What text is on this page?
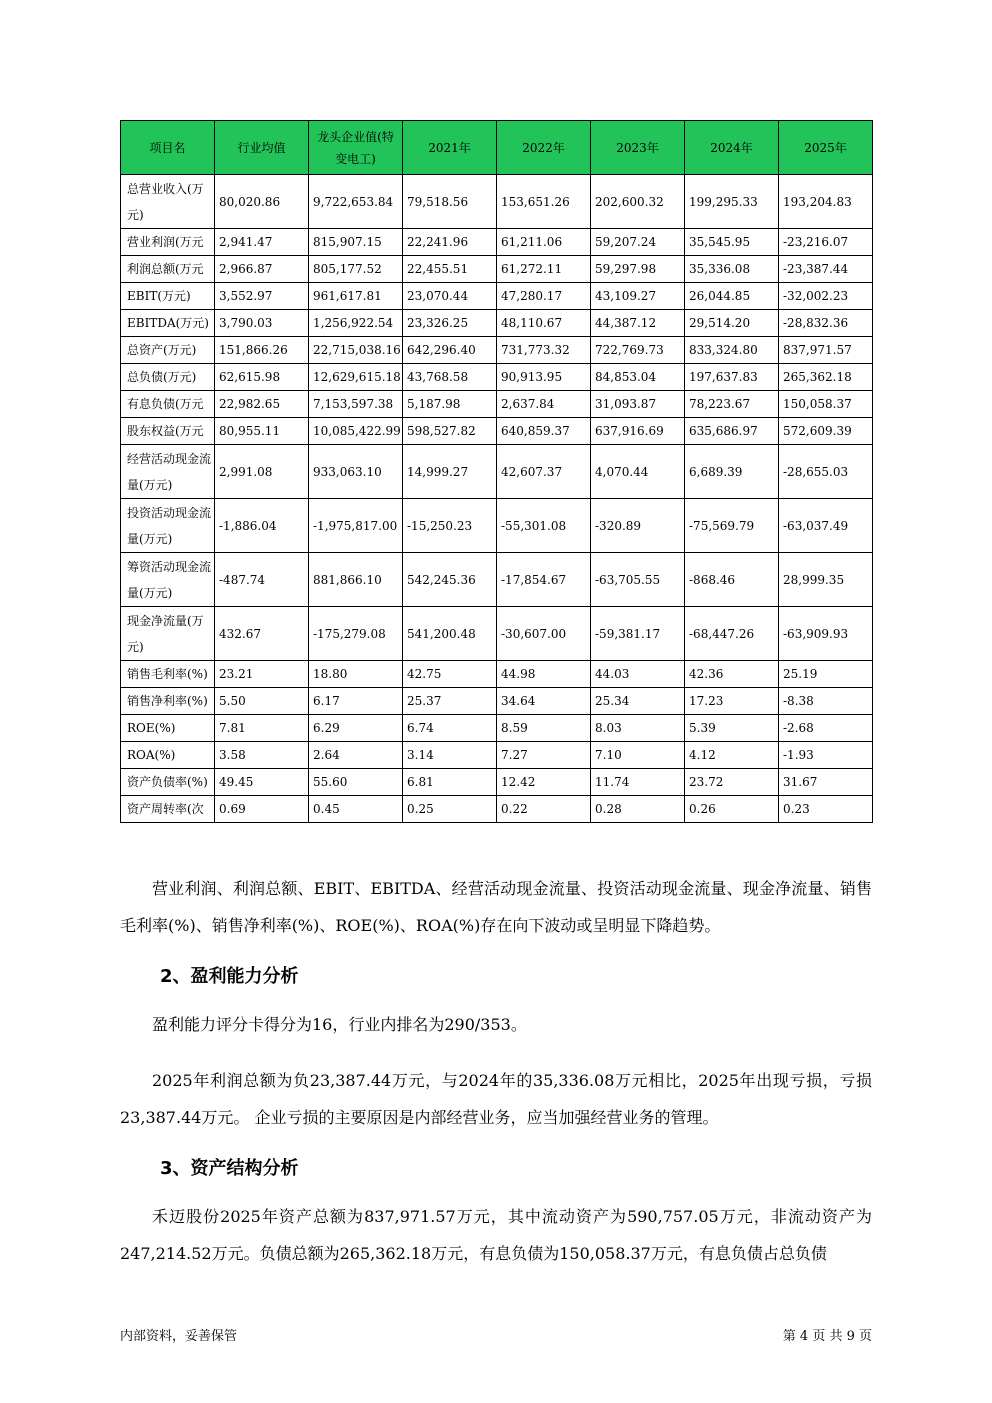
项目名	行业均值	龙头企业值(特变电工)	2021年	2022年	2023年	2024年	2025年
总营业收入(万元)	80,020.86	9,722,653.84	79,518.56	153,651.26	202,600.32	199,295.33	193,204.83
营业利润(万元	2,941.47	815,907.15	22,241.96	61,211.06	59,207.24	35,545.95	-23,216.07
利润总额(万元	2,966.87	805,177.52	22,455.51	61,272.11	59,297.98	35,336.08	-23,387.44
EBIT(万元)	3,552.97	961,617.81	23,070.44	47,280.17	43,109.27	26,044.85	-32,002.23
EBITDA(万元)	3,790.03	1,256,922.54	23,326.25	48,110.67	44,387.12	29,514.20	-28,832.36
总资产(万元)	151,866.26	22,715,038.16	642,296.40	731,773.32	722,769.73	833,324.80	837,971.57
总负债(万元)	62,615.98	12,629,615.18	43,768.58	90,913.95	84,853.04	197,637.83	265,362.18
有息负债(万元	22,982.65	7,153,597.38	5,187.98	2,637.84	31,093.87	78,223.67	150,058.37
股东权益(万元	80,955.11	10,085,422.99	598,527.82	640,859.37	637,916.69	635,686.97	572,609.39
经营活动现金流量(万元)	2,991.08	933,063.10	14,999.27	42,607.37	4,070.44	6,689.39	-28,655.03
投资活动现金流量(万元)	-1,886.04	-1,975,817.00	-15,250.23	-55,301.08	-320.89	-75,569.79	-63,037.49
筹资活动现金流量(万元)	-487.74	881,866.10	542,245.36	-17,854.67	-63,705.55	-868.46	28,999.35
现金净流量(万元)	432.67	-175,279.08	541,200.48	-30,607.00	-59,381.17	-68,447.26	-63,909.93
销售毛利率(%)	23.21	18.80	42.75	44.98	44.03	42.36	25.19
销售净利率(%)	5.50	6.17	25.37	34.64	25.34	17.23	-8.38
ROE(%)	7.81	6.29	6.74	8.59	8.03	5.39	-2.68
ROA(%)	3.58	2.64	3.14	7.27	7.10	4.12	-1.93
资产负债率(%)	49.45	55.60	6.81	12.42	11.74	23.72	31.67
资产周转率(次	0.69	0.45	0.25	0.22	0.28	0.26	0.23
营业利润、利润总额、EBIT、EBITDA、经营活动现金流量、投资活动现金流量、现金净流量、销售毛利率(%)、销售净利率(%)、ROE(%)、ROA(%)存在向下波动或呈明显下降趋势。
2、盈利能力分析
盈利能力评分卡得分为16，行业内排名为290/353。
2025年利润总额为负23,387.44万元，与2024年的35,336.08万元相比，2025年出现亏损，亏损23,387.44万元。 企业亏损的主要原因是内部经营业务，应当加强经营业务的管理。
3、资产结构分析
禾迈股份2025年资产总额为837,971.57万元，其中流动资产为590,757.05万元，非流动资产为247,214.52万元。负债总额为265,362.18万元，有息负债为150,058.37万元，有息负债占总负债
内部资料，妥善保管	第 4 页 共 9 页
